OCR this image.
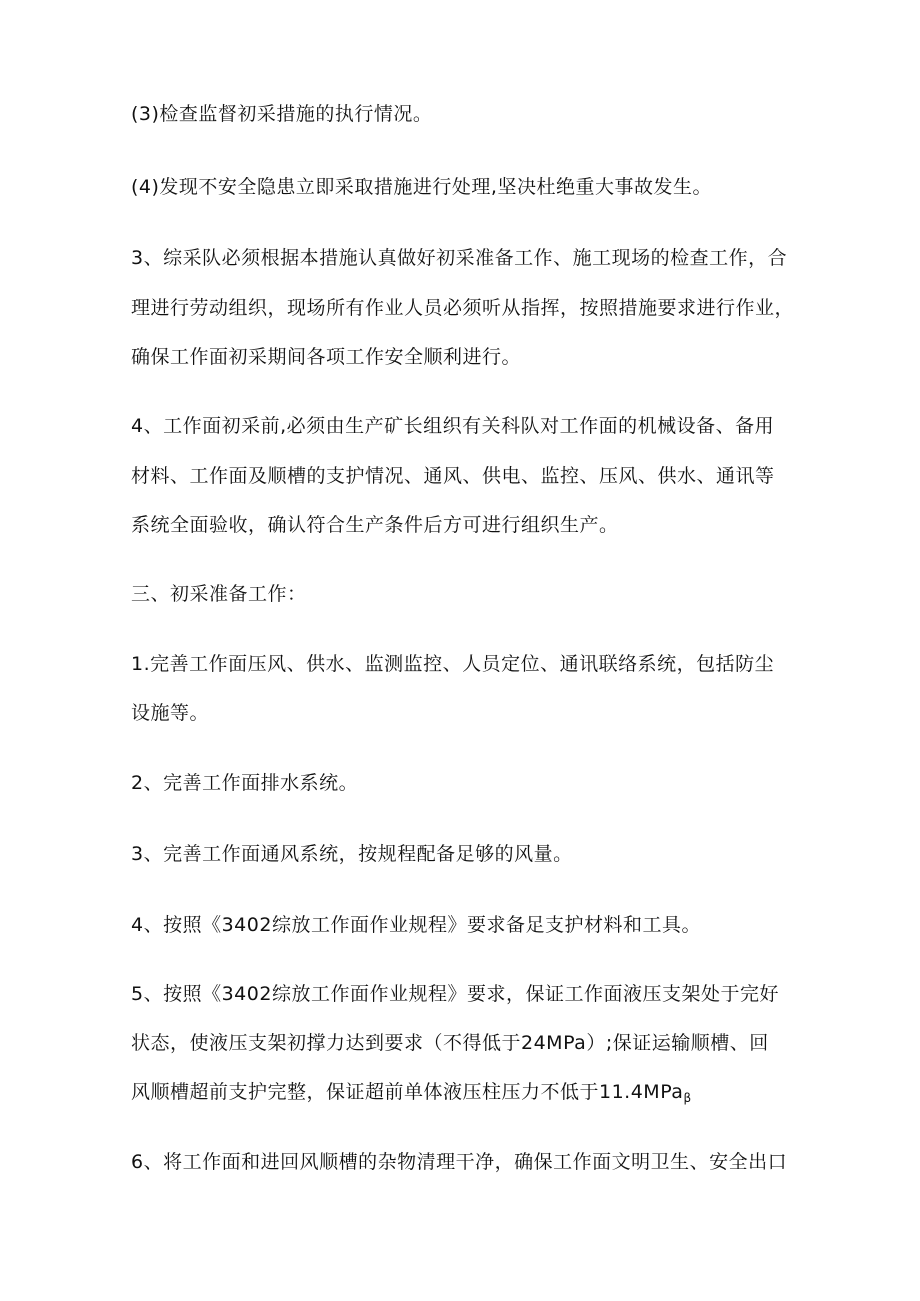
(3)检查监督初采措施的执行情况。
(4)发现不安全隐患立即采取措施进行处理,坚决杜绝重大事故发生。
3、综采队必须根据本措施认真做好初采准备工作、施工现场的检查工作，合
理进行劳动组织，现场所有作业人员必须听从指挥，按照措施要求进行作业，
确保工作面初采期间各项工作安全顺利进行。
4、工作面初采前,必须由生产矿长组织有关科队对工作面的机械设备、备用
材料、工作面及顺槽的支护情况、通风、供电、监控、压风、供水、通讯等
系统全面验收，确认符合生产条件后方可进行组织生产。
三、初采准备工作：
1.完善工作面压风、供水、监测监控、人员定位、通讯联络系统，包括防尘
设施等。
2、完善工作面排水系统。
3、完善工作面通风系统，按规程配备足够的风量。
4、按照《3402综放工作面作业规程》要求备足支护材料和工具。
5、按照《3402综放工作面作业规程》要求，保证工作面液压支架处于完好
状态，使液压支架初撑力达到要求（不得低于24MPa）;保证运输顺槽、回
风顺槽超前支护完整，保证超前单体液压柱压力不低于11.4MPa$_\beta$
6、将工作面和进回风顺槽的杂物清理干净，确保工作面文明卫生、安全出口
